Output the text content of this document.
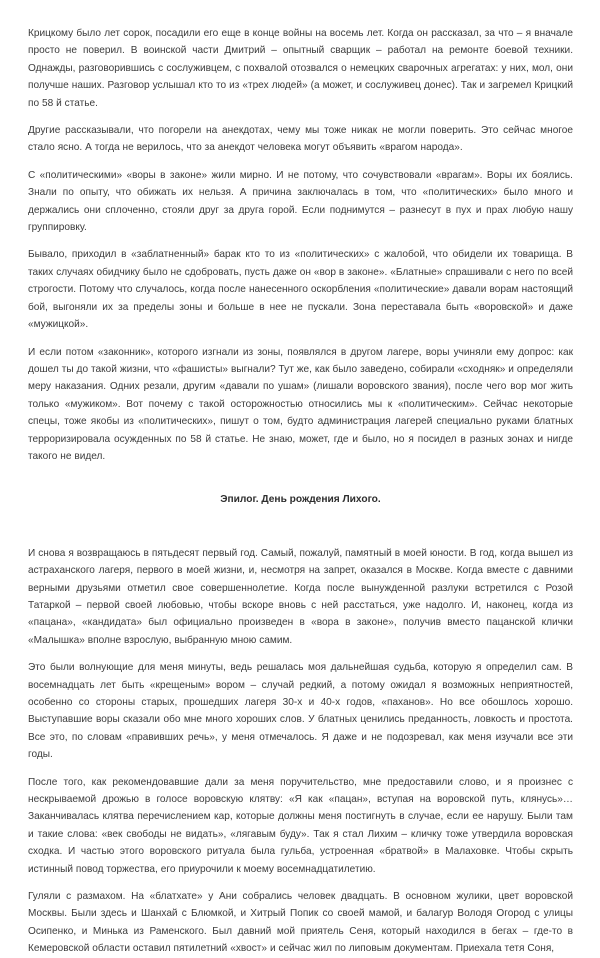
Крицкому было лет сорок, посадили его еще в конце войны на восемь лет. Когда он рассказал, за что – я вначале просто не поверил. В воинской части Дмитрий – опытный сварщик – работал на ремонте боевой техники. Однажды, разговорившись с сослуживцем, с похвалой отозвался о немецких сварочных агрегатах: у них, мол, они получше наших. Разговор услышал кто то из «трех людей» (а может, и сослуживец донес). Так и загремел Крицкий по 58 й статье.

Другие рассказывали, что погорели на анекдотах, чему мы тоже никак не могли поверить. Это сейчас многое стало ясно. А тогда не верилось, что за анекдот человека могут объявить «врагом народа».

С «политическими» «воры в законе» жили мирно. И не потому, что сочувствовали «врагам». Воры их боялись. Знали по опыту, что обижать их нельзя. А причина заключалась в том, что «политических» было много и держались они сплоченно, стояли друг за друга горой. Если поднимутся – разнесут в пух и прах любую нашу группировку.

Бывало, приходил в «заблатненный» барак кто то из «политических» с жалобой, что обидели их товарища. В таких случаях обидчику было не сдобровать, пусть даже он «вор в законе». «Блатные» спрашивали с него по всей строгости. Потому что случалось, когда после нанесенного оскорбления «политические» давали ворам настоящий бой, выгоняли их за пределы зоны и больше в нее не пускали. Зона переставала быть «воровской» и даже «мужицкой».

И если потом «законник», которого изгнали из зоны, появлялся в другом лагере, воры учиняли ему допрос: как дошел ты до такой жизни, что «фашисты» выгнали? Тут же, как было заведено, собирали «сходняк» и определяли меру наказания. Одних резали, другим «давали по ушам» (лишали воровского звания), после чего вор мог жить только «мужиком». Вот почему с такой осторожностью относились мы к «политическим». Сейчас некоторые спецы, тоже якобы из «политических», пишут о том, будто администрация лагерей специально руками блатных терроризировала осужденных по 58 й статье. Не знаю, может, где и было, но я посидел в разных зонах и нигде такого не видел.

Эпилог. День рождения Лихого.

И снова я возвращаюсь в пятьдесят первый год. Самый, пожалуй, памятный в моей юности. В год, когда вышел из астраханского лагеря, первого в моей жизни, и, несмотря на запрет, оказался в Москве. Когда вместе с давними верными друзьями отметил свое совершеннолетие. Когда после вынужденной разлуки встретился с Розой Татаркой – первой своей любовью, чтобы вскоре вновь с ней расстаться, уже надолго. И, наконец, когда из «пацана», «кандидата» был официально произведен в «вора в законе», получив вместо пацанской клички «Малышка» вполне взрослую, выбранную мною самим.

Это были волнующие для меня минуты, ведь решалась моя дальнейшая судьба, которую я определил сам. В восемнадцать лет быть «крещеным» вором – случай редкий, а потому ожидал я возможных неприятностей, особенно со стороны старых, прошедших лагеря 30-х и 40-х годов, «паханов». Но все обошлось хорошо. Выступавшие воры сказали обо мне много хороших слов. У блатных ценились преданность, ловкость и простота. Все это, по словам «правивших речь», у меня отмечалось. Я даже и не подозревал, как меня изучали все эти годы.

После того, как рекомендовавшие дали за меня поручительство, мне предоставили слово, и я произнес с нескрываемой дрожью в голосе воровскую клятву: «Я как «пацан», вступая на воровской путь, клянусь»… Заканчивалась клятва перечислением кар, которые должны меня постигнуть в случае, если ее нарушу. Были там и такие слова: «век свободы не видать», «лягавым буду». Так я стал Лихим – кличку тоже утвердила воровская сходка. И частью этого воровского ритуала была гульба, устроенная «братвой» в Малаховке. Чтобы скрыть истинный повод торжества, его приурочили к моему восемнадцатилетию.

Гуляли с размахом. На «блатхате» у Ани собрались человек двадцать. В основном жулики, цвет воровской Москвы. Были здесь и Шанхай с Блюмкой, и Хитрый Попик со своей мамой, и балагур Володя Огород с улицы Осипенко, и Минька из Раменского. Был давний мой приятель Сеня, который находился в бегах – где-то в Кемеровской области оставил пятилетний «хвост» и сейчас жил по липовым документам. Приехала тетя Соня,
